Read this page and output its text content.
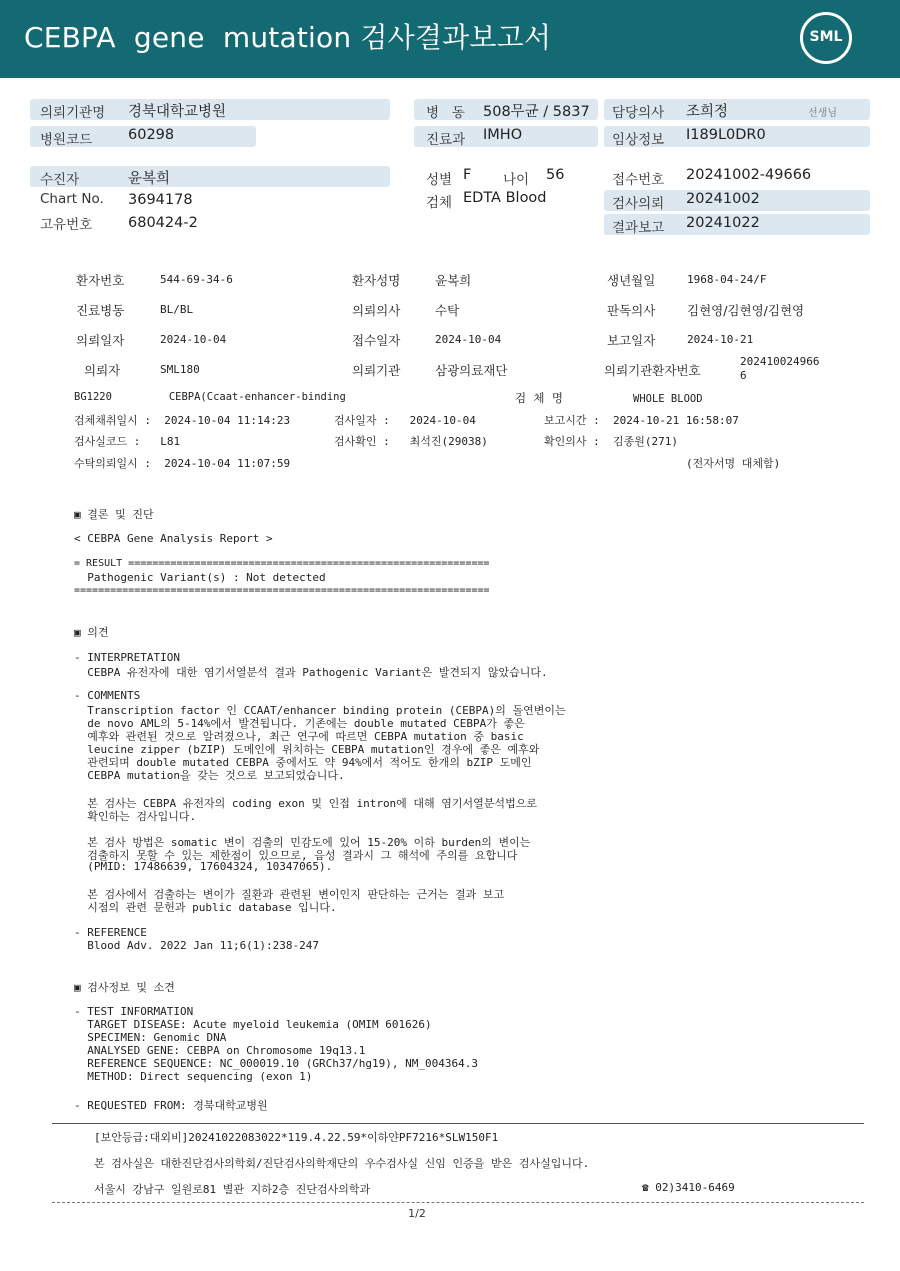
CEBPA  gene  mutation 검사결과보고서	SML
의뢰기관명 경북대학교병원
병원코드 60298
병   동 508무균 / 5837
진료과 IMHO
담당의사 조희정	선생님
임상정보 I189L0DR0
수진자	윤복희
Chart No. 3694178
고유번호 680424-2
성별 F 나이 56
검체 EDTA Blood
접수번호 20241002-49666
검사의뢰 20241002
결과보고 20241022
환자번호	544-69-34-6	환자성명	윤복희	생년월일	1968-04-24/F
진료병동	BL/BL	의뢰의사	수탁	판독의사	김현영/김현영/김현영
의뢰일자	2024-10-04	접수일자	2024-10-04	보고일자	2024-10-21
의뢰자	SML180	의뢰기관	삼광의료재단	의뢰기관환자번호
202410024966
6
BG1220         CEBPA(Ccaat-enhancer-binding	검  체  명	WHOLE BLOOD
검체채취일시 :  2024-10-04 11:14:23	검사일자 :   2024-10-04	보고시간 :  2024-10-21 16:58:07
검사실코드 :   L81	검사확인 :   최석진(29038)	확인의사 :  김종원(271)
수탁의뢰일시 :  2024-10-04 11:07:59	(전자서명 대체함)
▣ 결론 및 진단
< CEBPA Gene Analysis Report >
= RESULT ============================================================
Pathogenic Variant(s) : Not detected
=====================================================================
▣ 의견
- INTERPRETATION
CEBPA 유전자에 대한 염기서열분석 결과 Pathogenic Variant은 발견되지 않았습니다.
- COMMENTS
Transcription factor 인 CCAAT/enhancer binding protein (CEBPA)의 돌연변이는
de novo AML의 5-14%에서 발견됩니다. 기존에는 double mutated CEBPA가 좋은
예후와 관련된 것으로 알려졌으나, 최근 연구에 따르면 CEBPA mutation 중 basic
leucine zipper (bZIP) 도메인에 위치하는 CEBPA mutation인 경우에 좋은 예후와
관련되며 double mutated CEBPA 중에서도 약 94%에서 적어도 한개의 bZIP 도메인
CEBPA mutation을 갖는 것으로 보고되었습니다.
본 검사는 CEBPA 유전자의 coding exon 및 인접 intron에 대해 염기서열분석법으로
확인하는 검사입니다.
본 검사 방법은 somatic 변이 검출의 민감도에 있어 15-20% 이하 burden의 변이는
검출하지 못할 수 있는 제한점이 있으므로, 음성 결과시 그 해석에 주의를 요합니다
(PMID: 17486639, 17604324, 10347065).
본 검사에서 검출하는 변이가 질환과 관련된 변이인지 판단하는 근거는 결과 보고
시점의 관련 문헌과 public database 입니다.
- REFERENCE
Blood Adv. 2022 Jan 11;6(1):238-247
▣ 검사정보 및 소견
- TEST INFORMATION
TARGET DISEASE: Acute myeloid leukemia (OMIM 601626)
SPECIMEN: Genomic DNA
ANALYSED GENE: CEBPA on Chromosome 19q13.1
REFERENCE SEQUENCE: NC_000019.10 (GRCh37/hg19), NM_004364.3
METHOD: Direct sequencing (exon 1)
- REQUESTED FROM: 경북대학교병원
[보안등급:대외비]20241022083022*119.4.22.59*이하얀PF7216*SLW150F1
본 검사실은 대한진단검사의학회/진단검사의학재단의 우수검사실 신임 인증을 받은 검사실입니다.
서울시 강남구 일원로81 별관 지하2층 진단검사의학과	☎ 02)3410-6469
1/2
